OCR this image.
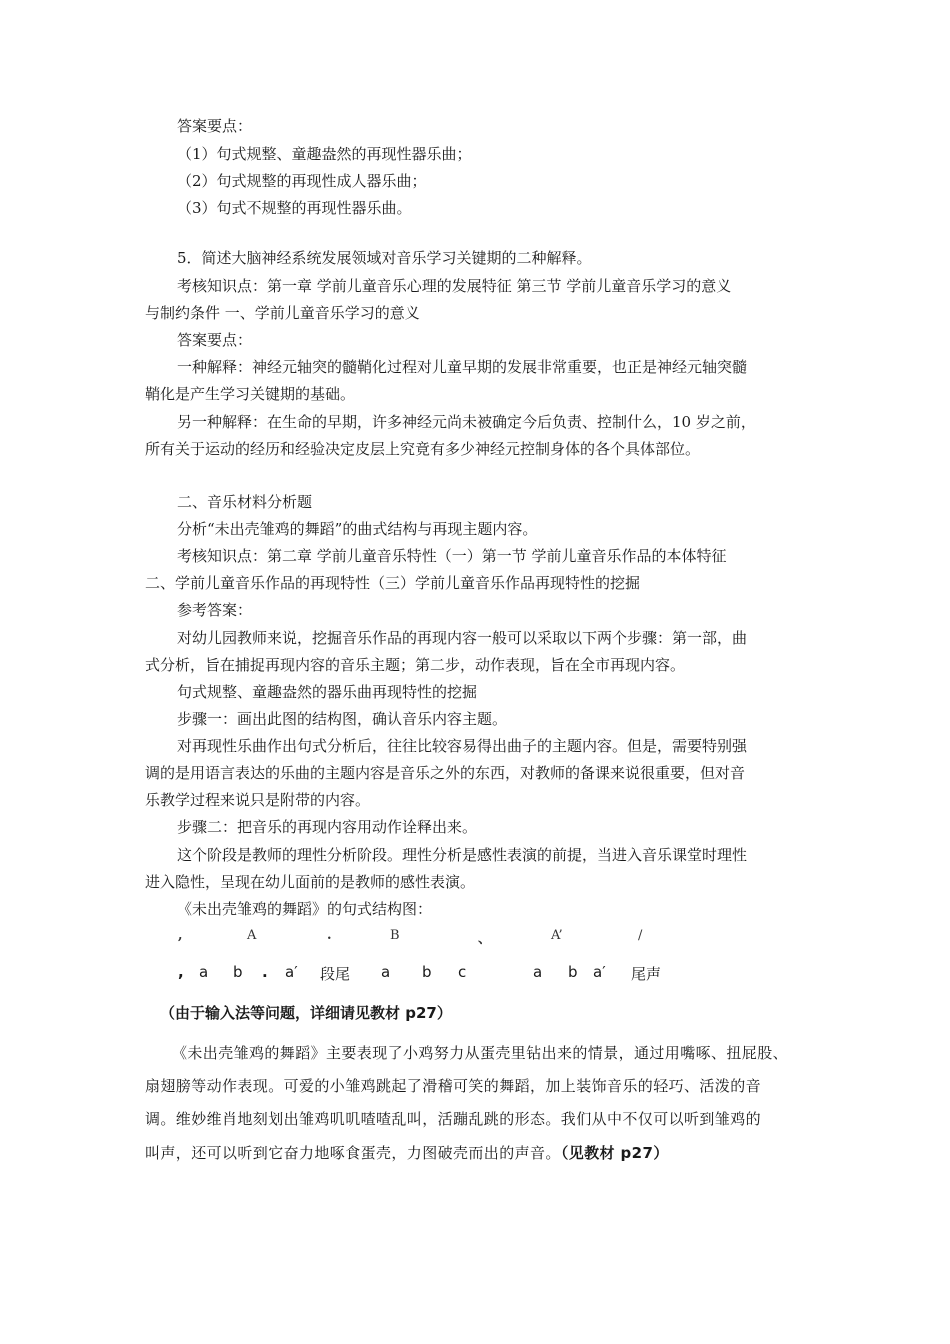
答案要点：
（1）句式规整、童趣盎然的再现性器乐曲；
（2）句式规整的再现性成人器乐曲；
（3）句式不规整的再现性器乐曲。
5．简述大脑神经系统发展领域对音乐学习关键期的二种解释。
考核知识点：第一章 学前儿童音乐心理的发展特征 第三节 学前儿童音乐学习的意义
与制约条件 一、学前儿童音乐学习的意义
答案要点：
一种解释：神经元轴突的髓鞘化过程对儿童早期的发展非常重要，也正是神经元轴突髓
鞘化是产生学习关键期的基础。
另一种解释：在生命的早期，许多神经元尚未被确定今后负责、控制什么，10 岁之前，
所有关于运动的经历和经验决定皮层上究竟有多少神经元控制身体的各个具体部位。
二、音乐材料分析题
分析“未出壳雏鸡的舞蹈”的曲式结构与再现主题内容。
考核知识点：第二章 学前儿童音乐特性（一）第一节 学前儿童音乐作品的本体特征
二、学前儿童音乐作品的再现特性（三）学前儿童音乐作品再现特性的挖掘
参考答案：
对幼儿园教师来说，挖掘音乐作品的再现内容一般可以采取以下两个步骤：第一部，曲
式分析，旨在捕捉再现内容的音乐主题；第二步，动作表现，旨在全市再现内容。
句式规整、童趣盎然的器乐曲再现特性的挖掘
步骤一：画出此图的结构图，确认音乐内容主题。
对再现性乐曲作出句式分析后，往往比较容易得出曲子的主题内容。但是，需要特别强
调的是用语言表达的乐曲的主题内容是音乐之外的东西，对教师的备课来说很重要，但对音
乐教学过程来说只是附带的内容。
步骤二：把音乐的再现内容用动作诠释出来。
这个阶段是教师的理性分析阶段。理性分析是感性表演的前提，当进入音乐课堂时理性
进入隐性，呈现在幼儿面前的是教师的感性表演。
《未出壳雏鸡的舞蹈》的句式结构图：
,	A	.	B	、	A’	/
, a b . a′ 段尾 a b c	a b a′ 尾声
（由于输入法等问题，详细请见教材 p27）
《未出壳雏鸡的舞蹈》主要表现了小鸡努力从蛋壳里钻出来的情景，通过用嘴啄、扭屁股、
扇翅膀等动作表现。可爱的小雏鸡跳起了滑稽可笑的舞蹈，加上装饰音乐的轻巧、活泼的音
调。维妙维肖地刻划出雏鸡叽叽喳喳乱叫，活蹦乱跳的形态。我们从中不仅可以听到雏鸡的
叫声，还可以听到它奋力地啄食蛋壳，力图破壳而出的声音。（见教材 p27）
